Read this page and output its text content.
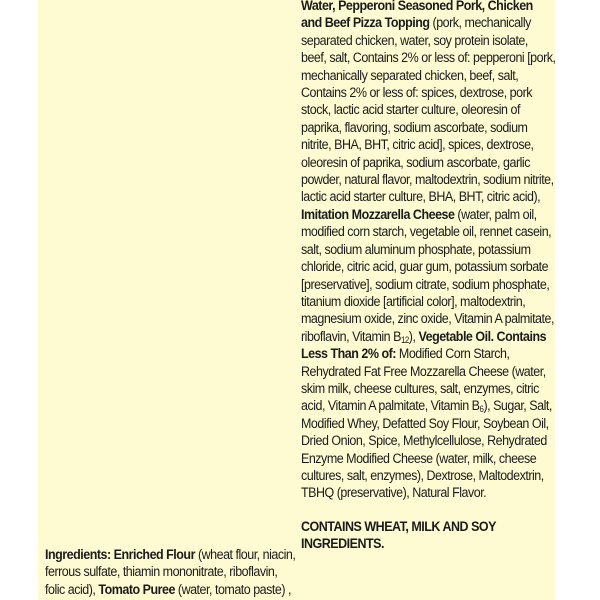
Water, Pepperoni Seasoned Pork, Chicken and Beef Pizza Topping (pork, mechanically separated chicken, water, soy protein isolate, beef, salt, Contains 2% or less of: pepperoni [pork, mechanically separated chicken, beef, salt, Contains 2% or less of: spices, dextrose, pork stock, lactic acid starter culture, oleoresin of paprika, flavoring, sodium ascorbate, sodium nitrite, BHA, BHT, citric acid], spices, dextrose, oleoresin of paprika, sodium ascorbate, garlic powder, natural flavor, maltodextrin, sodium nitrite, lactic acid starter culture, BHA, BHT, citric acid), Imitation Mozzarella Cheese (water, palm oil, modified corn starch, vegetable oil, rennet casein, salt, sodium aluminum phosphate, potassium chloride, citric acid, guar gum, potassium sorbate [preservative], sodium citrate, sodium phosphate, titanium dioxide [artificial color], maltodextrin, magnesium oxide, zinc oxide, Vitamin A palmitate, riboflavin, Vitamin $B_{12}$), Vegetable Oil. Contains Less Than 2% of: Modified Corn Starch, Rehydrated Fat Free Mozzarella Cheese (water, skim milk, cheese cultures, salt, enzymes, citric acid, Vitamin A palmitate, Vitamin $B_6$), Sugar, Salt, Modified Whey, Defatted Soy Flour, Soybean Oil, Dried Onion, Spice, Methylcellulose, Rehydrated Enzyme Modified Cheese (water, milk, cheese cultures, salt, enzymes), Dextrose, Maltodextrin, TBHQ (preservative), Natural Flavor.

CONTAINS WHEAT, MILK AND SOY INGREDIENTS.

Ingredients: Enriched Flour (wheat flour, niacin, ferrous sulfate, thiamin mononitrate, riboflavin, folic acid), Tomato Puree (water, tomato paste) ,
